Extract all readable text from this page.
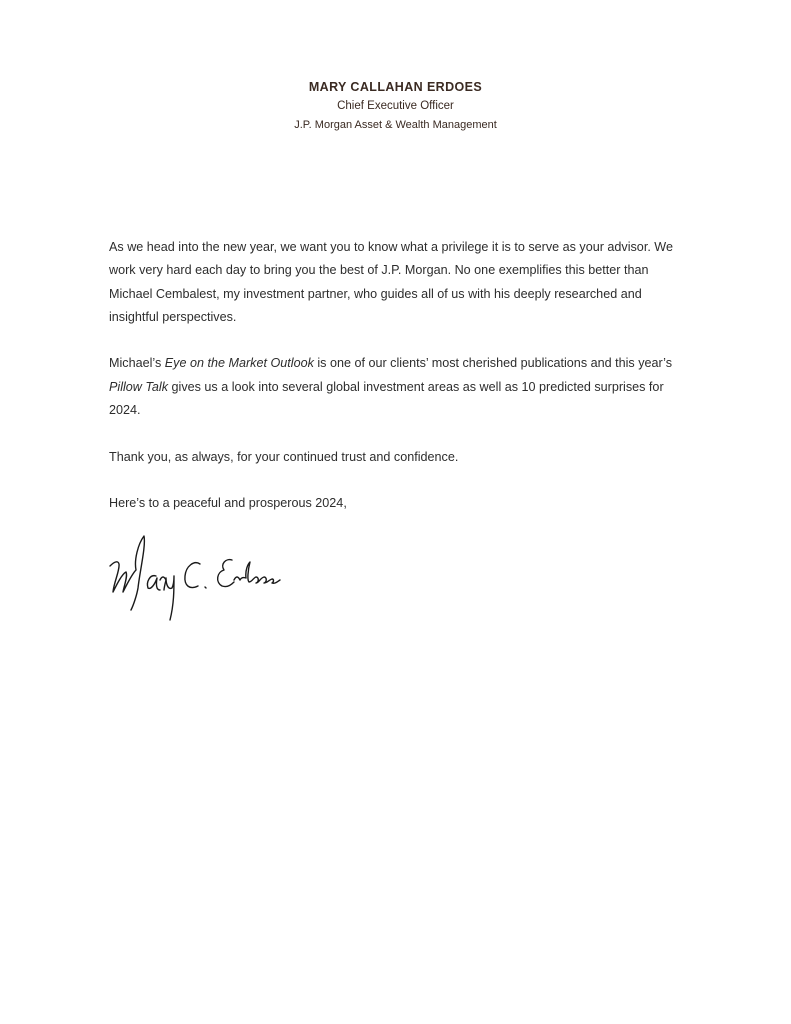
MARY CALLAHAN ERDOES
Chief Executive Officer
J.P. Morgan Asset & Wealth Management

As we head into the new year, we want you to know what a privilege it is to serve as your advisor. We work very hard each day to bring you the best of J.P. Morgan. No one exemplifies this better than Michael Cembalest, my investment partner, who guides all of us with his deeply researched and insightful perspectives.

Michael’s Eye on the Market Outlook is one of our clients’ most cherished publications and this year’s Pillow Talk gives us a look into several global investment areas as well as 10 predicted surprises for 2024.

Thank you, as always, for your continued trust and confidence.

Here’s to a peaceful and prosperous 2024,
